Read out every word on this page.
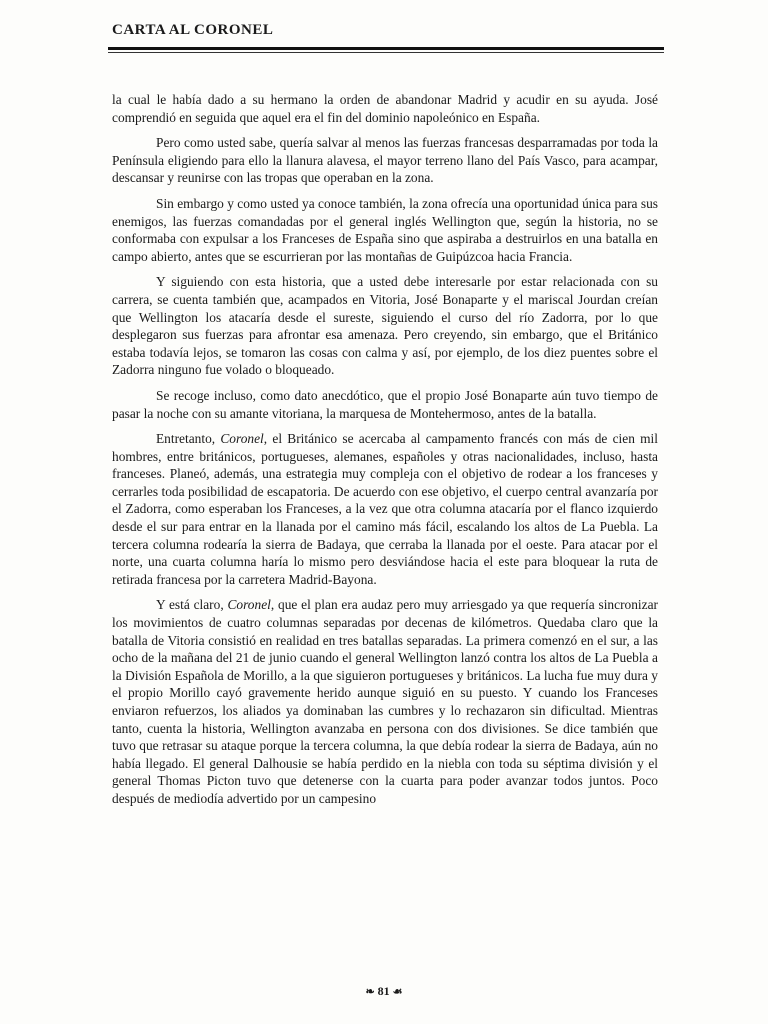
CARTA AL CORONEL

la cual le había dado a su hermano la orden de abandonar Madrid y acudir en su ayuda. José comprendió en seguida que aquel era el fin del dominio napoleónico en España.

Pero como usted sabe, quería salvar al menos las fuerzas francesas desparramadas por toda la Península eligiendo para ello la llanura alavesa, el mayor terreno llano del País Vasco, para acampar, descansar y reunirse con las tropas que operaban en la zona.

Sin embargo y como usted ya conoce también, la zona ofrecía una oportunidad única para sus enemigos, las fuerzas comandadas por el general inglés Wellington que, según la historia, no se conformaba con expulsar a los Franceses de España sino que aspiraba a destruirlos en una batalla en campo abierto, antes que se escurrieran por las montañas de Guipúzcoa hacia Francia.

Y siguiendo con esta historia, que a usted debe interesarle por estar relacionada con su carrera, se cuenta también que, acampados en Vitoria, José Bonaparte y el mariscal Jourdan creían que Wellington los atacaría desde el sureste, siguiendo el curso del río Zadorra, por lo que desplegaron sus fuerzas para afrontar esa amenaza. Pero creyendo, sin embargo, que el Británico estaba todavía lejos, se tomaron las cosas con calma y así, por ejemplo, de los diez puentes sobre el Zadorra ninguno fue volado o bloqueado.

Se recoge incluso, como dato anecdótico, que el propio José Bonaparte aún tuvo tiempo de pasar la noche con su amante vitoriana, la marquesa de Montehermoso, antes de la batalla.

Entretanto, Coronel, el Británico se acercaba al campamento francés con más de cien mil hombres, entre británicos, portugueses, alemanes, españoles y otras nacionalidades, incluso, hasta franceses. Planeó, además, una estrategia muy compleja con el objetivo de rodear a los franceses y cerrarles toda posibilidad de escapatoria. De acuerdo con ese objetivo, el cuerpo central avanzaría por el Zadorra, como esperaban los Franceses, a la vez que otra columna atacaría por el flanco izquierdo desde el sur para entrar en la llanada por el camino más fácil, escalando los altos de La Puebla. La tercera columna rodearía la sierra de Badaya, que cerraba la llanada por el oeste. Para atacar por el norte, una cuarta columna haría lo mismo pero desviándose hacia el este para bloquear la ruta de retirada francesa por la carretera Madrid-Bayona.

Y está claro, Coronel, que el plan era audaz pero muy arriesgado ya que requería sincronizar los movimientos de cuatro columnas separadas por decenas de kilómetros. Quedaba claro que la batalla de Vitoria consistió en realidad en tres batallas separadas. La primera comenzó en el sur, a las ocho de la mañana del 21 de junio cuando el general Wellington lanzó contra los altos de La Puebla a la División Española de Morillo, a la que siguieron portugueses y británicos. La lucha fue muy dura y el propio Morillo cayó gravemente herido aunque siguió en su puesto. Y cuando los Franceses enviaron refuerzos, los aliados ya dominaban las cumbres y lo rechazaron sin dificultad. Mientras tanto, cuenta la historia, Wellington avanzaba en persona con dos divisiones. Se dice también que tuvo que retrasar su ataque porque la tercera columna, la que debía rodear la sierra de Badaya, aún no había llegado. El general Dalhousie se había perdido en la niebla con toda su séptima división y el general Thomas Picton tuvo que detenerse con la cuarta para poder avanzar todos juntos. Poco después de mediodía advertido por un campesino

❧ 81 ☙
